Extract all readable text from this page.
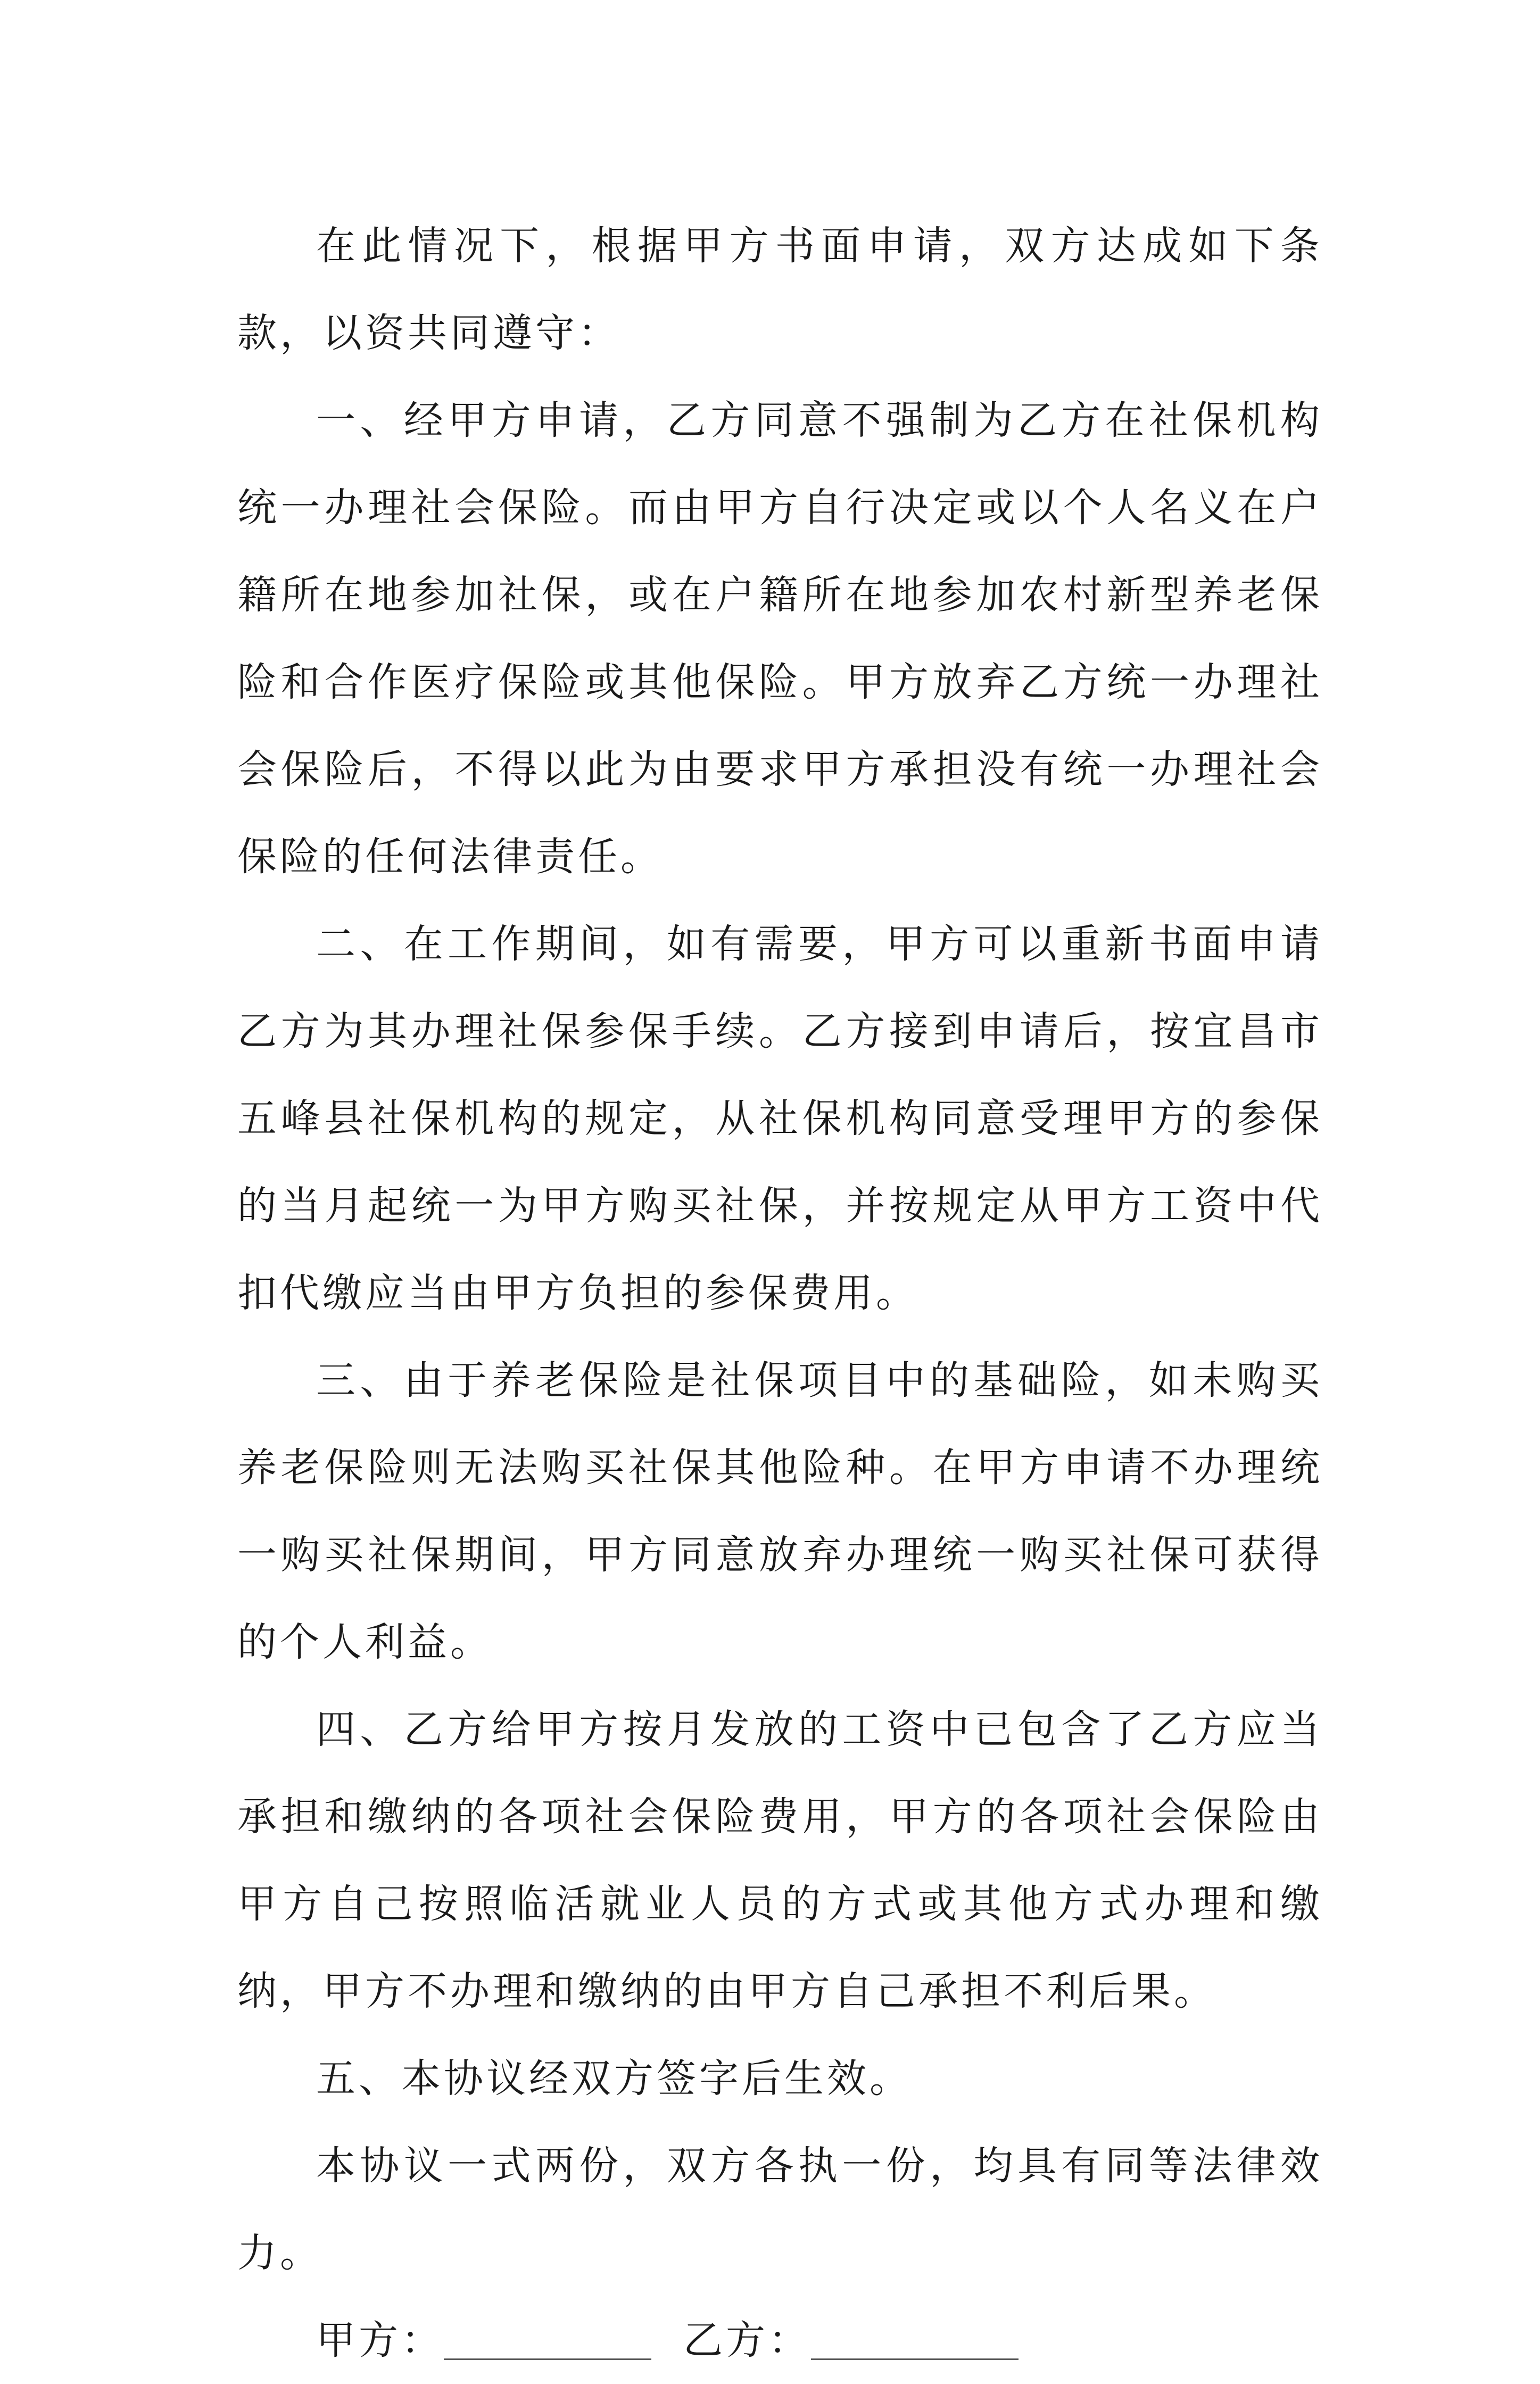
在此情况下，根据甲方书面申请，双方达成如下条款，以资共同遵守：

一、经甲方申请，乙方同意不强制为乙方在社保机构统一办理社会保险。而由甲方自行决定或以个人名义在户籍所在地参加社保，或在户籍所在地参加农村新型养老保险和合作医疗保险或其他保险。甲方放弃乙方统一办理社会保险后，不得以此为由要求甲方承担没有统一办理社会保险的任何法律责任。

二、在工作期间，如有需要，甲方可以重新书面申请乙方为其办理社保参保手续。乙方接到申请后，按宜昌市五峰县社保机构的规定，从社保机构同意受理甲方的参保的当月起统一为甲方购买社保，并按规定从甲方工资中代扣代缴应当由甲方负担的参保费用。

三、由于养老保险是社保项目中的基础险，如未购买养老保险则无法购买社保其他险种。在甲方申请不办理统一购买社保期间，甲方同意放弃办理统一购买社保可获得的个人利益。

四、乙方给甲方按月发放的工资中已包含了乙方应当承担和缴纳的各项社会保险费用，甲方的各项社会保险由甲方自己按照临活就业人员的方式或其他方式办理和缴纳，甲方不办理和缴纳的由甲方自己承担不利后果。

五、本协议经双方签字后生效。

本协议一式两份，双方各执一份，均具有同等法律效力。

甲方：	乙方：
